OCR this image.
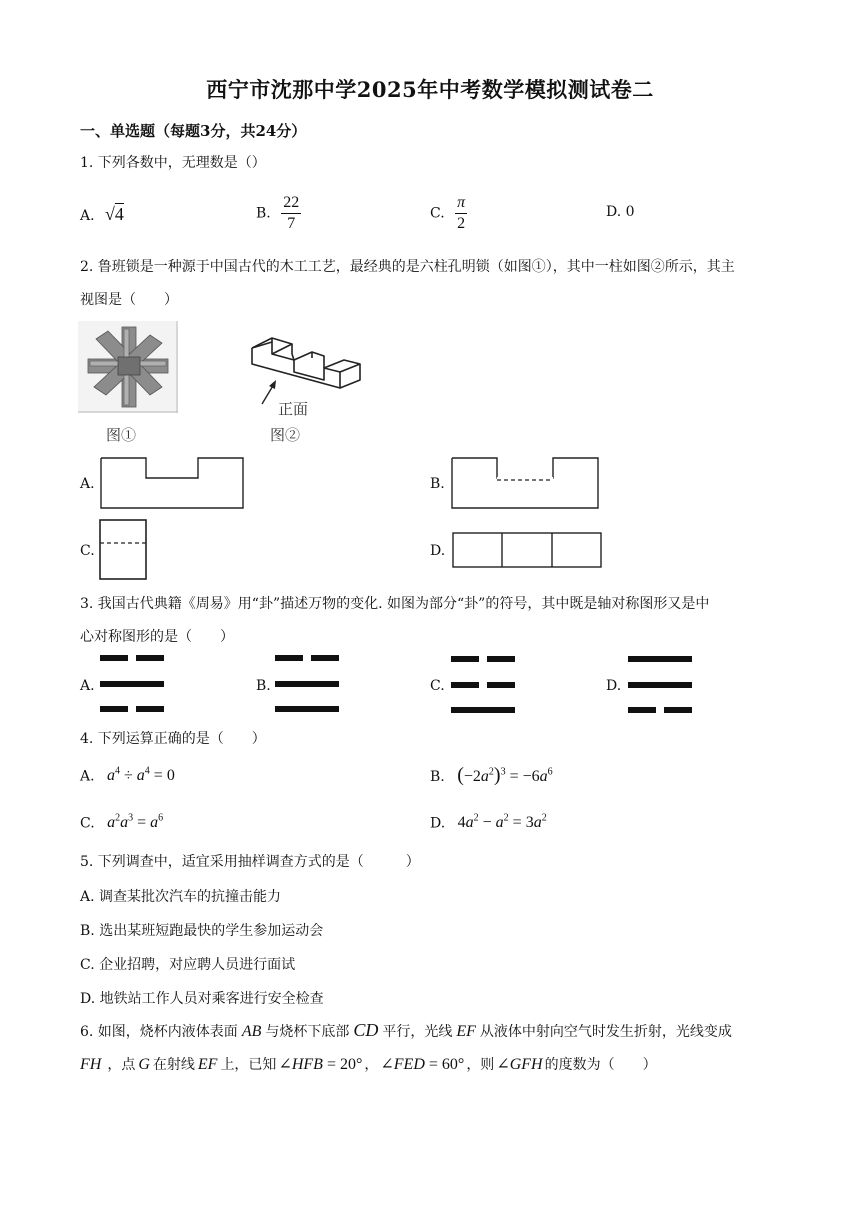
西宁市沈那中学2025年中考数学模拟测试卷二
一、单选题（每题3分，共24分）
1. 下列各数中，无理数是（）
A. √4	B. $\frac{22}{7}$	C. $\frac{\pi}{2}$	D. 0
2. 鲁班锁是一种源于中国古代的木工工艺，最经典的是六柱孔明锁（如图①），其中一柱如图②所示，其主
视图是（　　）
图①
正面
图②
A.	B.
C.	D.
3. 我国古代典籍《周易》用“卦”描述万物的变化. 如图为部分“卦”的符号，其中既是轴对称图形又是中
心对称图形的是（　　）
A.	B.	C.	D.
4. 下列运算正确的是（　　）
A. $a^4 \div a^4 = 0$	B. $(-2a^2)^3 = -6a^6$
C. $a^2a^3 = a^6$	D. $4a^2 - a^2 = 3a^2$
5. 下列调查中，适宜采用抽样调查方式的是（　　　）
A. 调查某批次汽车的抗撞击能力
B. 选出某班短跑最快的学生参加运动会
C. 企业招聘，对应聘人员进行面试
D. 地铁站工作人员对乘客进行安全检查
6. 如图，烧杯内液体表面 AB 与烧杯下底部 CD 平行，光线 EF 从液体中射向空气时发生折射，光线变成
FH ，点 G 在射线 EF 上，已知 ∠HFB = 20° ， ∠FED = 60° ，则 ∠GFH 的度数为（　　）
